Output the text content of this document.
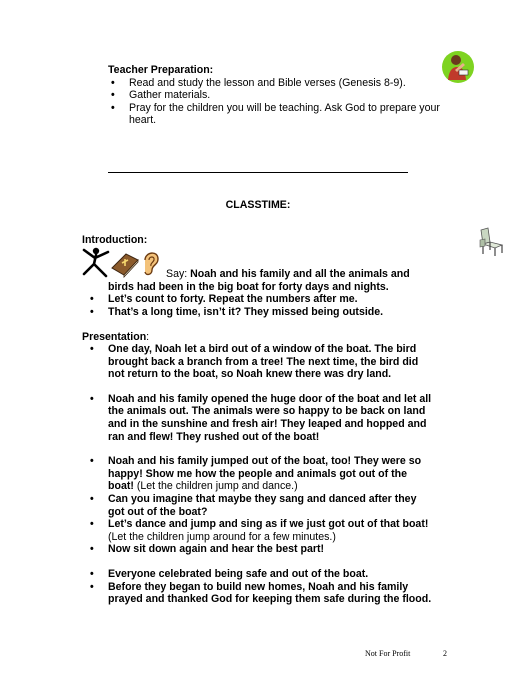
Teacher Preparation:
• Read and study the lesson and Bible verses (Genesis 8-9).
• Gather materials.
• Pray for the children you will be teaching. Ask God to prepare your heart.
CLASSTIME:
Introduction:
Say: Noah and his family and all the animals and birds had been in the big boat for forty days and nights.
• Let’s count to forty. Repeat the numbers after me.
• That’s a long time, isn’t it? They missed being outside.
Presentation:
• One day, Noah let a bird out of a window of the boat. The bird brought back a branch from a tree! The next time, the bird did not return to the boat, so Noah knew there was dry land.
• Noah and his family opened the huge door of the boat and let all the animals out. The animals were so happy to be back on land and in the sunshine and fresh air! They leaped and hopped and ran and flew! They rushed out of the boat!
• Noah and his family jumped out of the boat, too! They were so happy! Show me how the people and animals got out of the boat! (Let the children jump and dance.)
• Can you imagine that maybe they sang and danced after they got out of the boat?
• Let’s dance and jump and sing as if we just got out of that boat! (Let the children jump around for a few minutes.)
• Now sit down again and hear the best part!
• Everyone celebrated being safe and out of the boat.
• Before they began to build new homes, Noah and his family prayed and thanked God for keeping them safe during the flood.
Not For Profit	2
